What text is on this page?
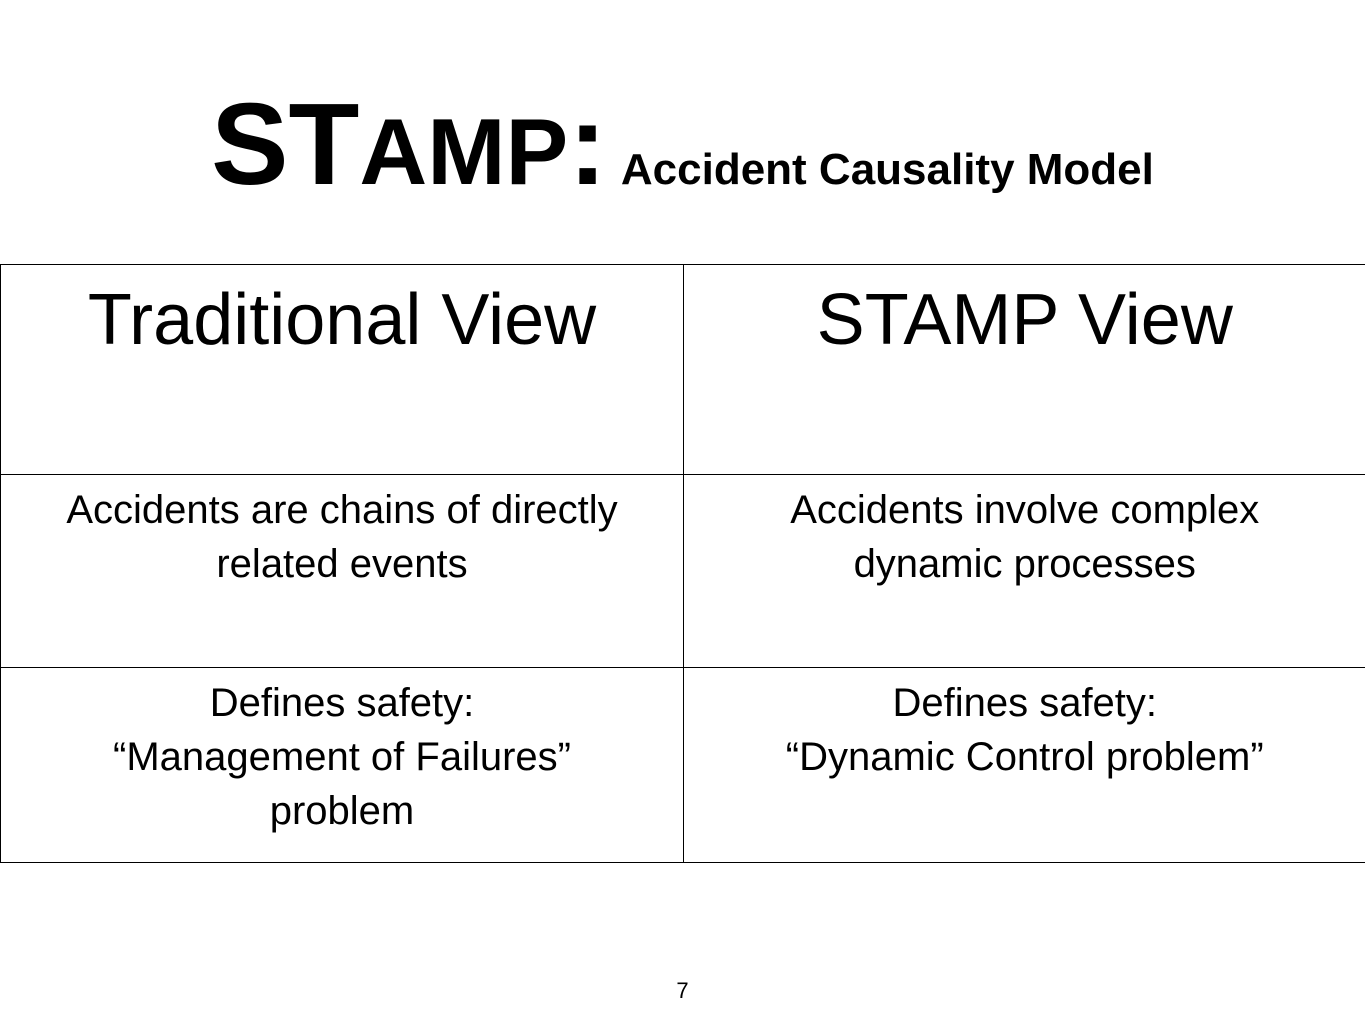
STAMP: Accident Causality Model
Traditional View	STAMP View

Accidents are chains of directly
related events	Accidents involve complex
dynamic processes

Defines safety:
“Management of Failures”
problem	Defines safety:
“Dynamic Control problem”
7
